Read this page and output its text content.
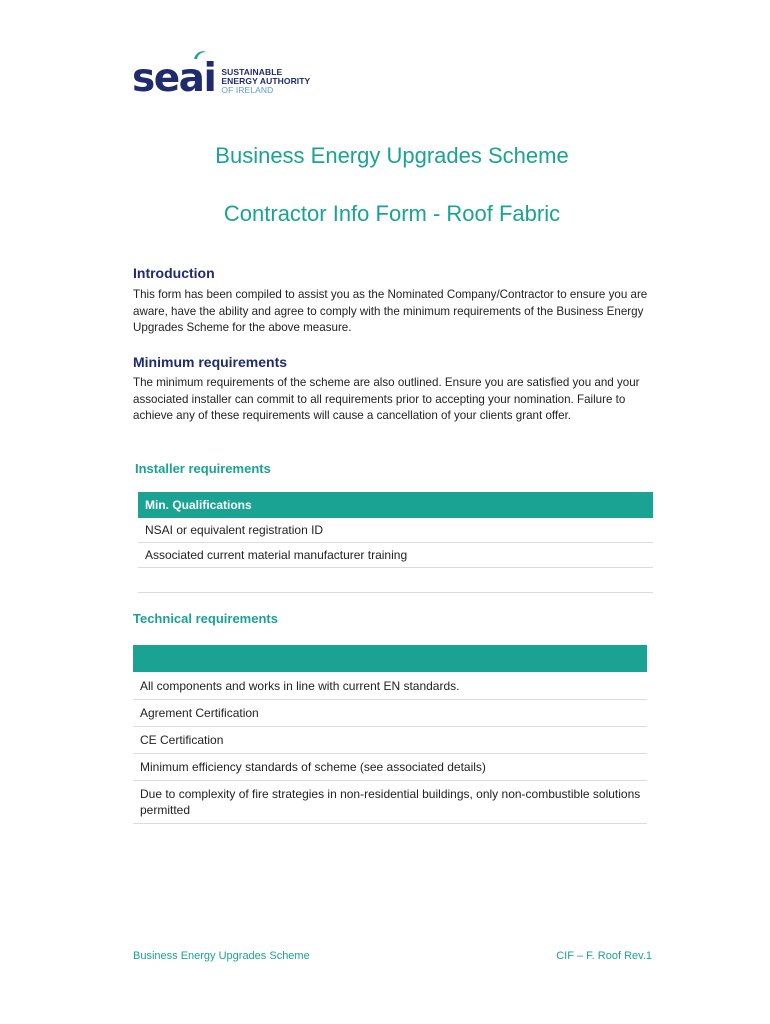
seai SUSTAINABLE
ENERGY AUTHORITY
OF IRELAND
Business Energy Upgrades Scheme
Contractor Info Form - Roof Fabric
Introduction
This form has been compiled to assist you as the Nominated Company/Contractor to ensure you are aware, have the ability and agree to comply with the minimum requirements of the Business Energy Upgrades Scheme for the above measure.
Minimum requirements
The minimum requirements of the scheme are also outlined. Ensure you are satisfied you and your associated installer can commit to all requirements prior to accepting your nomination. Failure to achieve any of these requirements will cause a cancellation of your clients grant offer.
Installer requirements
Min. Qualifications
NSAI or equivalent registration ID
Associated current material manufacturer training
Technical requirements
All components and works in line with current EN standards.
Agrement Certification
CE Certification
Minimum efficiency standards of scheme (see associated details)
Due to complexity of fire strategies in non-residential buildings, only non-combustible solutions permitted
Business Energy Upgrades Scheme	CIF – F. Roof Rev.1
